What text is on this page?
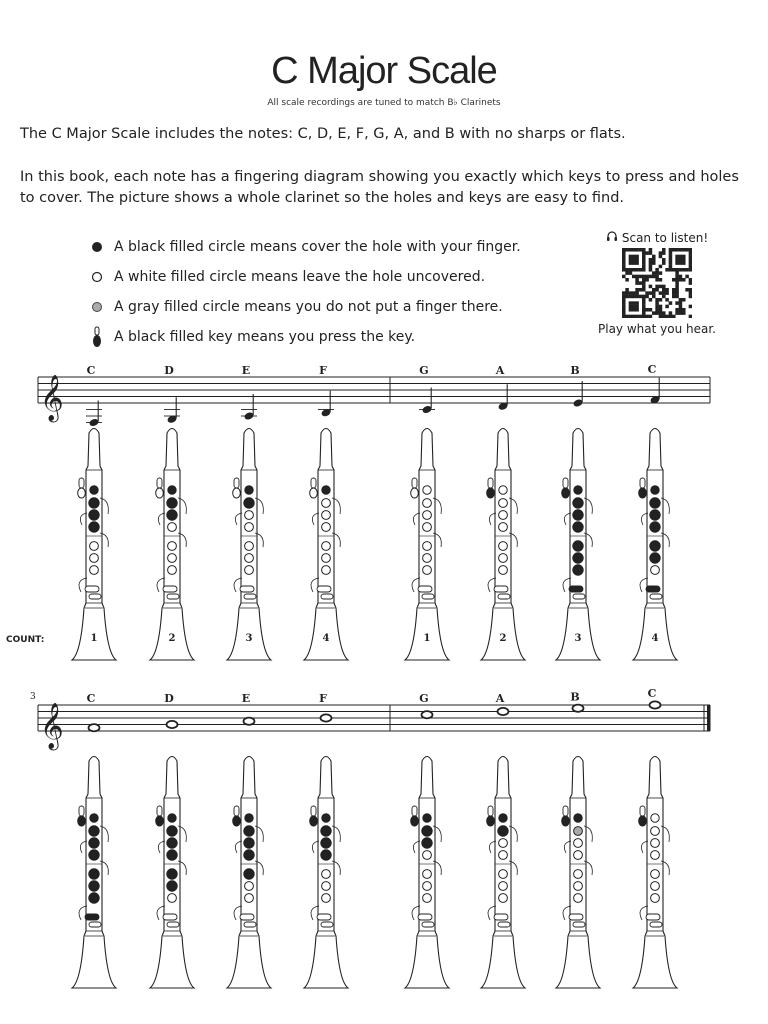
C Major Scale
All scale recordings are tuned to match B♭ Clarinets
The C Major Scale includes the notes: C, D, E, F, G, A, and B with no sharps or flats.
In this book, each note has a fingering diagram showing you exactly which keys to press and holes to cover. The picture shows a whole clarinet so the holes and keys are easy to find.
A black filled circle means cover the hole with your finger.
A white filled circle means leave the hole uncovered.
A gray filled circle means you do not put a finger there.
A black filled key means you press the key.
Scan to listen!
Play what you hear.
𝄞
COUNT:
C
1
D
2
E
3
F
4
G
1
A
2
B
3
C
4
𝄞
3	C	D	E	F	G	A	B	C
